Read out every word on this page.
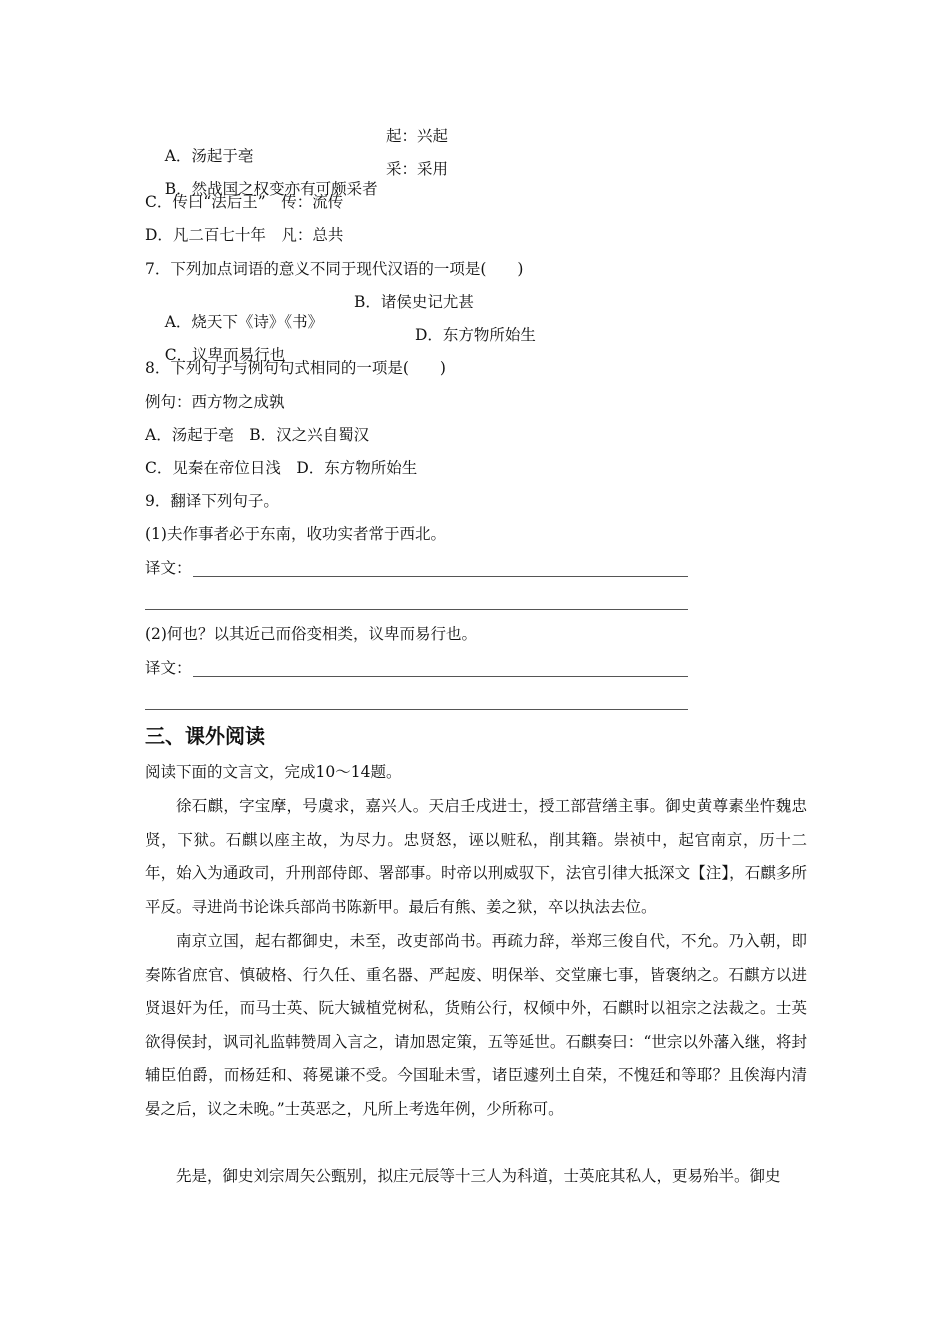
A．汤起于亳

起：兴起

B．然战国之权变亦有可颇采者

采：采用

C．传曰“法后王”　传：流传
D．凡二百七十年　凡：总共
7．下列加点词语的意义不同于现代汉语的一项是(　　)

A．烧天下《诗》《书》

B．诸侯史记尤甚

C．议卑而易行也

D．东方物所始生

8．下列句子与例句句式相同的一项是(　　)
例句：西方物之成孰
A．汤起于亳　B．汉之兴自蜀汉
C．见秦在帝位日浅　D．东方物所始生
9．翻译下列句子。
(1)夫作事者必于东南，收功实者常于西北。
译文：
(2)何也？以其近己而俗变相类，议卑而易行也。
译文：
三、课外阅读
阅读下面的文言文，完成10～14题。

徐石麒，字宝摩，号虞求，嘉兴人。天启壬戌进士，授工部营缮主事。御史黄尊素坐忤魏忠贤，下狱。石麒以座主故，为尽力。忠贤怒，诬以赃私，削其籍。崇祯中，起官南京，历十二年，始入为通政司，升刑部侍郎、署部事。时帝以刑威驭下，法官引律大抵深文【注】，石麒多所平反。寻进尚书论诛兵部尚书陈新甲。最后有熊、姜之狱，卒以执法去位。

南京立国，起右都御史，未至，改吏部尚书。再疏力辞，举郑三俊自代，不允。乃入朝，即奏陈省庶官、慎破格、行久任、重名器、严起废、明保举、交堂廉七事，皆褒纳之。石麒方以进贤退奸为任，而马士英、阮大铖植党树私，货贿公行，权倾中外，石麒时以祖宗之法裁之。士英欲得侯封，讽司礼监韩赞周入言之，请加恩定策，五等延世。石麒奏曰：“世宗以外藩入继，将封辅臣伯爵，而杨廷和、蒋冕谦不受。今国耻未雪，诸臣遽列土自荣，不愧廷和等耶？且俟海内清晏之后，议之未晚。”士英恶之，凡所上考选年例，少所称可。

先是，御史刘宗周矢公甄别，拟庄元辰等十三人为科道，士英庇其私人，更易殆半。御史
